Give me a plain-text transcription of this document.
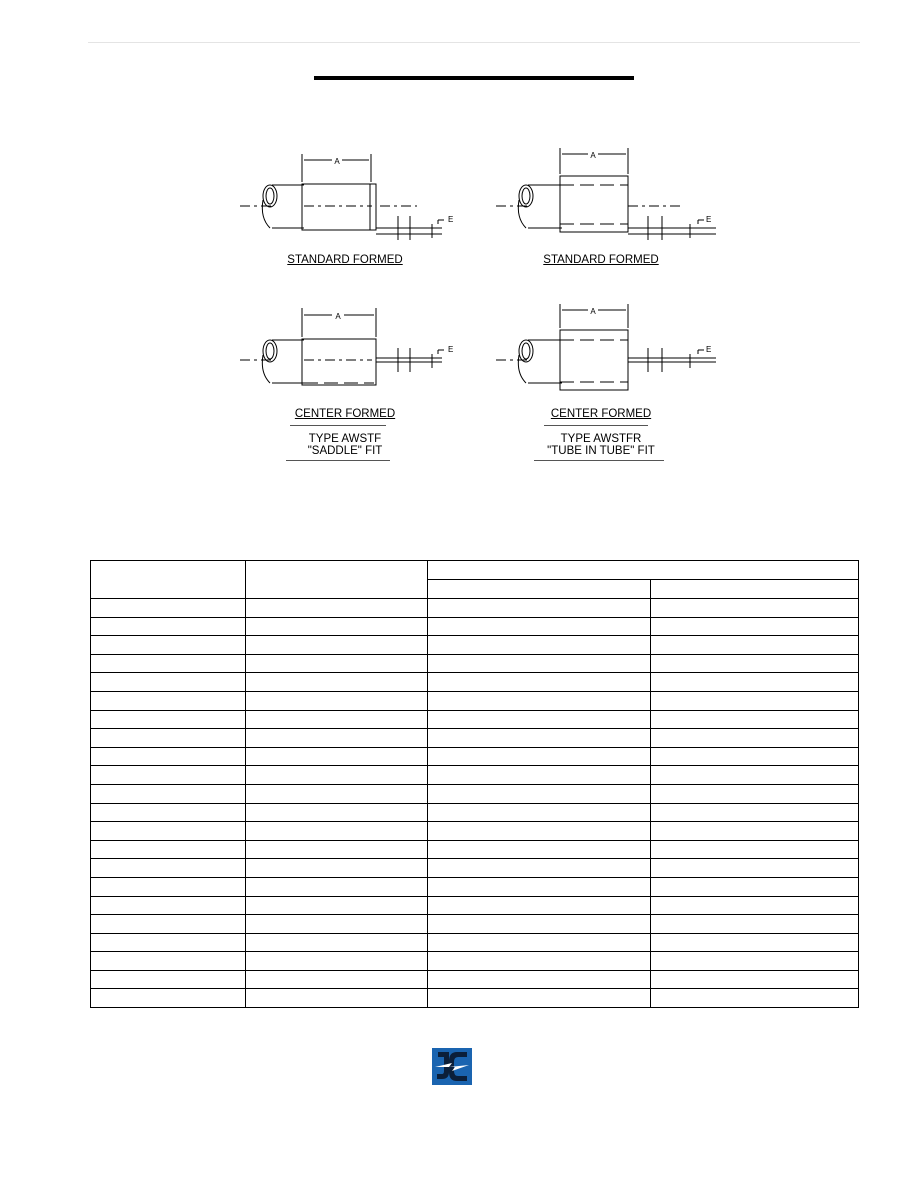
A
E
A
E
A
E
A
E
STANDARD FORMED	STANDARD FORMED
CENTER FORMED
TYPE AWSTF
"SADDLE" FIT
CENTER FORMED
TYPE AWSTFR
"TUBE IN TUBE" FIT
